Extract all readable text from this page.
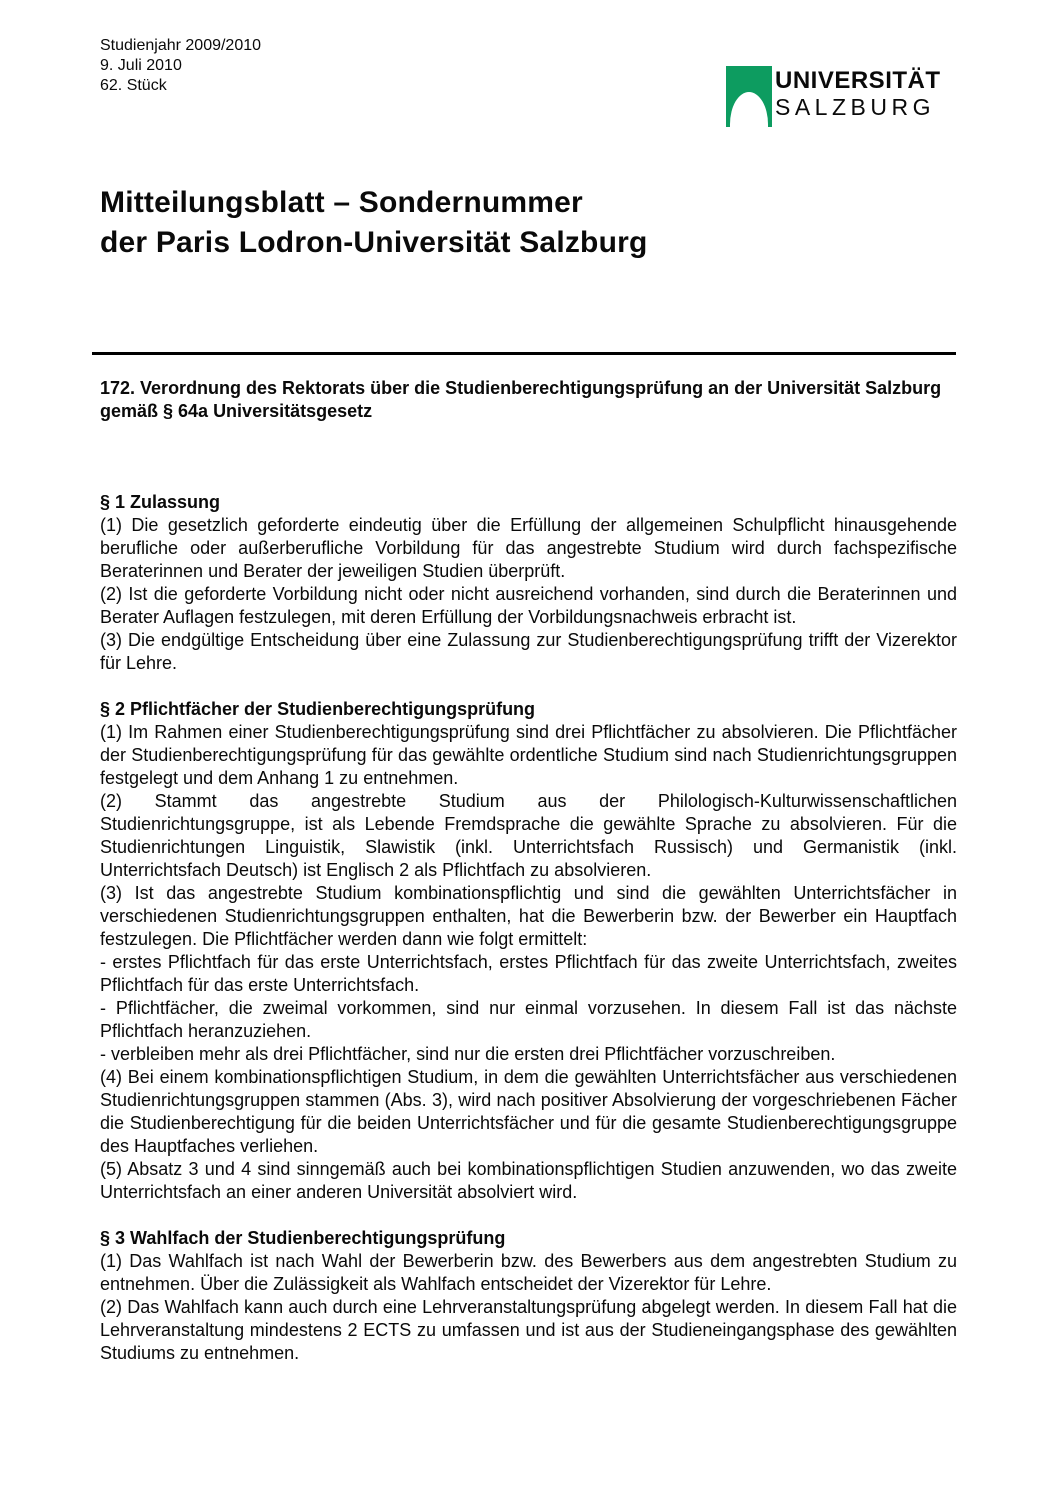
Studienjahr 2009/2010
9. Juli 2010
62. Stück	UNIVERSITÄT
SALZBURG
Mitteilungsblatt – Sondernummer
der Paris Lodron-Universität Salzburg
172. Verordnung des Rektorats über die Studienberechtigungsprüfung an der Universität Salzburg gemäß § 64a Universitätsgesetz
§ 1 Zulassung

(1) Die gesetzlich geforderte eindeutig über die Erfüllung der allgemeinen Schulpflicht hinausgehende berufliche oder außerberufliche Vorbildung für das angestrebte Studium wird durch fachspezifische Beraterinnen und Berater der jeweiligen Studien überprüft.

(2) Ist die geforderte Vorbildung nicht oder nicht ausreichend vorhanden, sind durch die Beraterinnen und Berater Auflagen festzulegen, mit deren Erfüllung der Vorbildungsnachweis erbracht ist.

(3) Die endgültige Entscheidung über eine Zulassung zur Studienberechtigungsprüfung trifft der Vizerektor für Lehre.

§ 2 Pflichtfächer der Studienberechtigungsprüfung

(1) Im Rahmen einer Studienberechtigungsprüfung sind drei Pflichtfächer zu absolvieren. Die Pflichtfächer der Studienberechtigungsprüfung für das gewählte ordentliche Studium sind nach Studienrichtungsgruppen festgelegt und dem Anhang 1 zu entnehmen.

(2) Stammt das angestrebte Studium aus der Philologisch-Kulturwissenschaftlichen Studienrichtungsgruppe, ist als Lebende Fremdsprache die gewählte Sprache zu absolvieren. Für die Studienrichtungen Linguistik, Slawistik (inkl. Unterrichtsfach Russisch) und Germanistik (inkl. Unterrichtsfach Deutsch) ist Englisch 2 als Pflichtfach zu absolvieren.

(3) Ist das angestrebte Studium kombinationspflichtig und sind die gewählten Unterrichtsfächer in verschiedenen Studienrichtungsgruppen enthalten, hat die Bewerberin bzw. der Bewerber ein Hauptfach festzulegen. Die Pflichtfächer werden dann wie folgt ermittelt:

- erstes Pflichtfach für das erste Unterrichtsfach, erstes Pflichtfach für das zweite Unterrichtsfach, zweites Pflichtfach für das erste Unterrichtsfach.

- Pflichtfächer, die zweimal vorkommen, sind nur einmal vorzusehen. In diesem Fall ist das nächste Pflichtfach heranzuziehen.

- verbleiben mehr als drei Pflichtfächer, sind nur die ersten drei Pflichtfächer vorzuschreiben.

(4) Bei einem kombinationspflichtigen Studium, in dem die gewählten Unterrichtsfächer aus verschiedenen Studienrichtungsgruppen stammen (Abs. 3), wird nach positiver Absolvierung der vorgeschriebenen Fächer die Studienberechtigung für die beiden Unterrichtsfächer und für die gesamte Studienberechtigungsgruppe des Hauptfaches verliehen.

(5) Absatz 3 und 4 sind sinngemäß auch bei kombinationspflichtigen Studien anzuwenden, wo das zweite Unterrichtsfach an einer anderen Universität absolviert wird.

§ 3 Wahlfach der Studienberechtigungsprüfung

(1) Das Wahlfach ist nach Wahl der Bewerberin bzw. des Bewerbers aus dem angestrebten Studium zu entnehmen. Über die Zulässigkeit als Wahlfach entscheidet der Vizerektor für Lehre.

(2) Das Wahlfach kann auch durch eine Lehrveranstaltungsprüfung abgelegt werden. In diesem Fall hat die Lehrveranstaltung mindestens 2 ECTS zu umfassen und ist aus der Studieneingangsphase des gewählten Studiums zu entnehmen.
